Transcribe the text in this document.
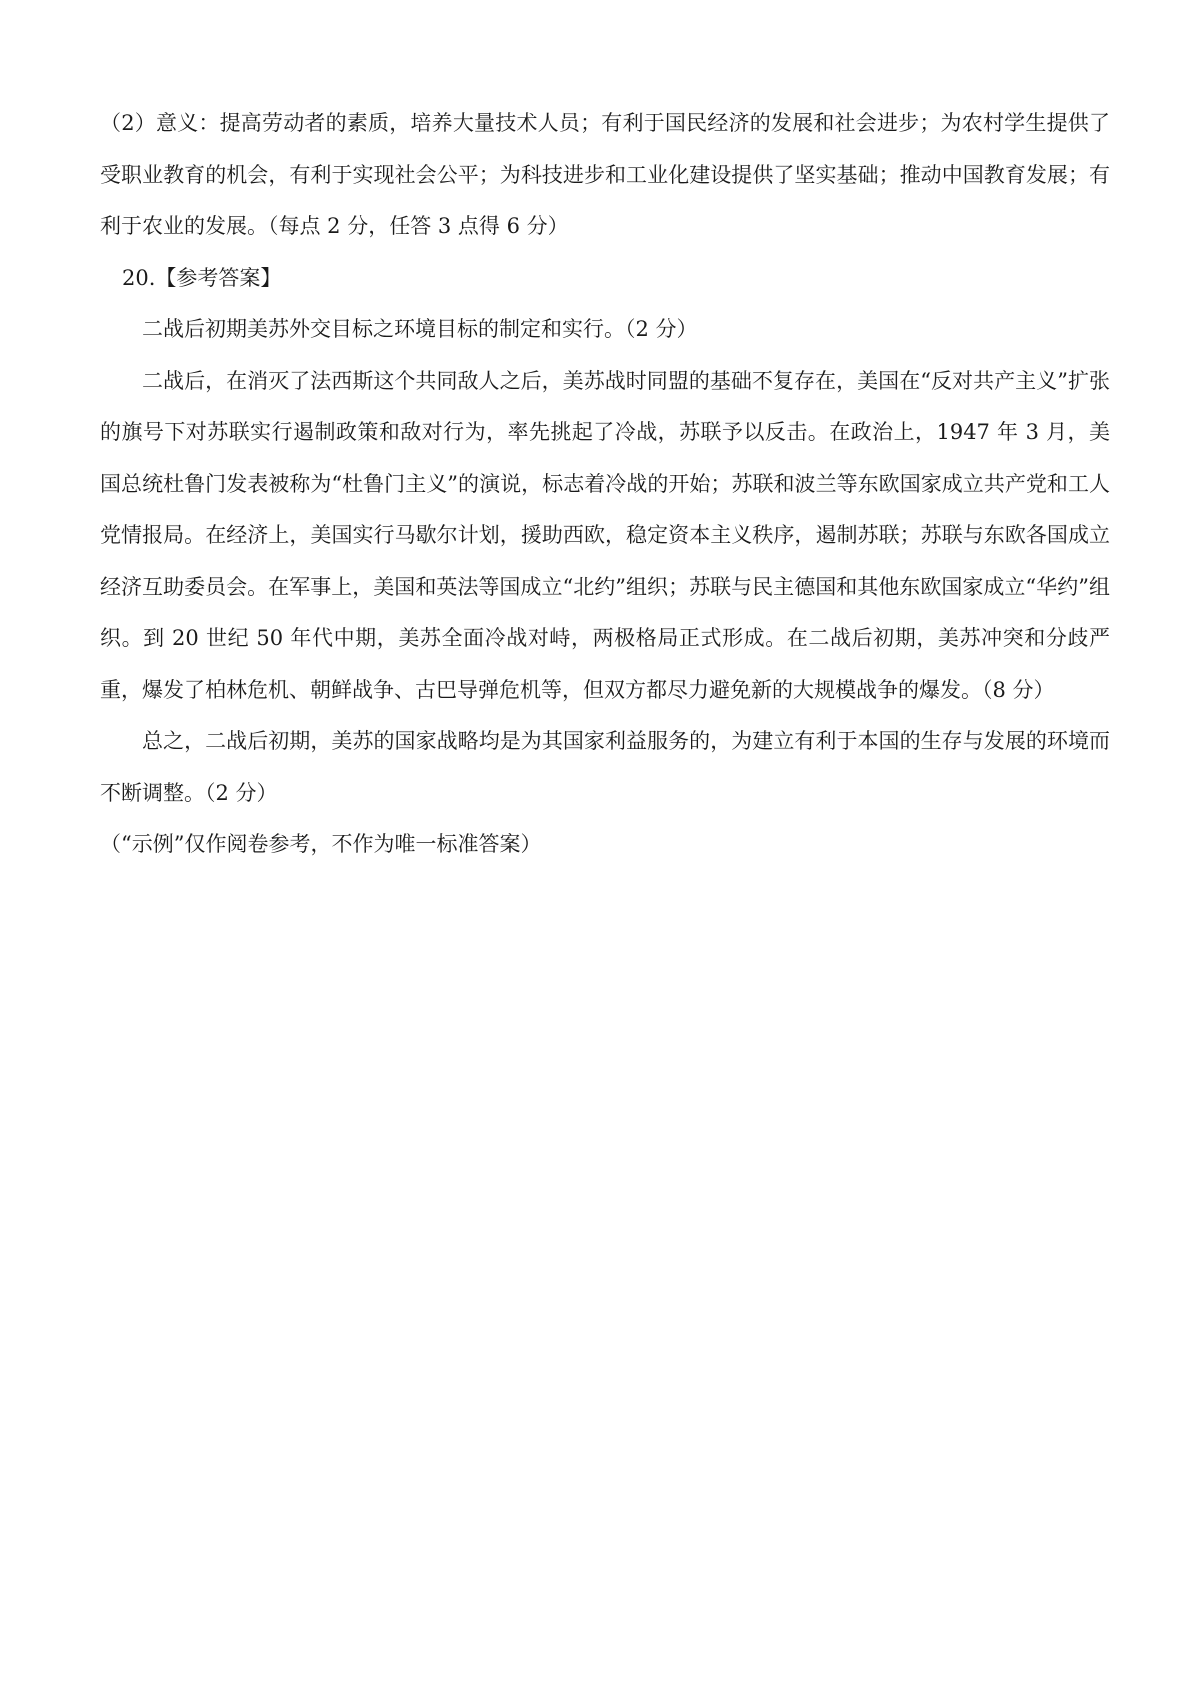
（2）意义：提高劳动者的素质，培养大量技术人员；有利于国民经济的发展和社会进步；为农村学生提供了受职业教育的机会，有利于实现社会公平；为科技进步和工业化建设提供了坚实基础；推动中国教育发展；有利于农业的发展。（每点 2 分，任答 3 点得 6 分）

20.【参考答案】

二战后初期美苏外交目标之环境目标的制定和实行。（2 分）

二战后，在消灭了法西斯这个共同敌人之后，美苏战时同盟的基础不复存在，美国在“反对共产主义”扩张的旗号下对苏联实行遏制政策和敌对行为，率先挑起了冷战，苏联予以反击。在政治上，1947 年 3 月，美国总统杜鲁门发表被称为“杜鲁门主义”的演说，标志着冷战的开始；苏联和波兰等东欧国家成立共产党和工人党情报局。在经济上，美国实行马歇尔计划，援助西欧，稳定资本主义秩序，遏制苏联；苏联与东欧各国成立经济互助委员会。在军事上，美国和英法等国成立“北约”组织；苏联与民主德国和其他东欧国家成立“华约”组织。到 20 世纪 50 年代中期，美苏全面冷战对峙，两极格局正式形成。在二战后初期，美苏冲突和分歧严重，爆发了柏林危机、朝鲜战争、古巴导弹危机等，但双方都尽力避免新的大规模战争的爆发。（8 分）

总之，二战后初期，美苏的国家战略均是为其国家利益服务的，为建立有利于本国的生存与发展的环境而不断调整。（2 分）

（“示例”仅作阅卷参考，不作为唯一标准答案）
